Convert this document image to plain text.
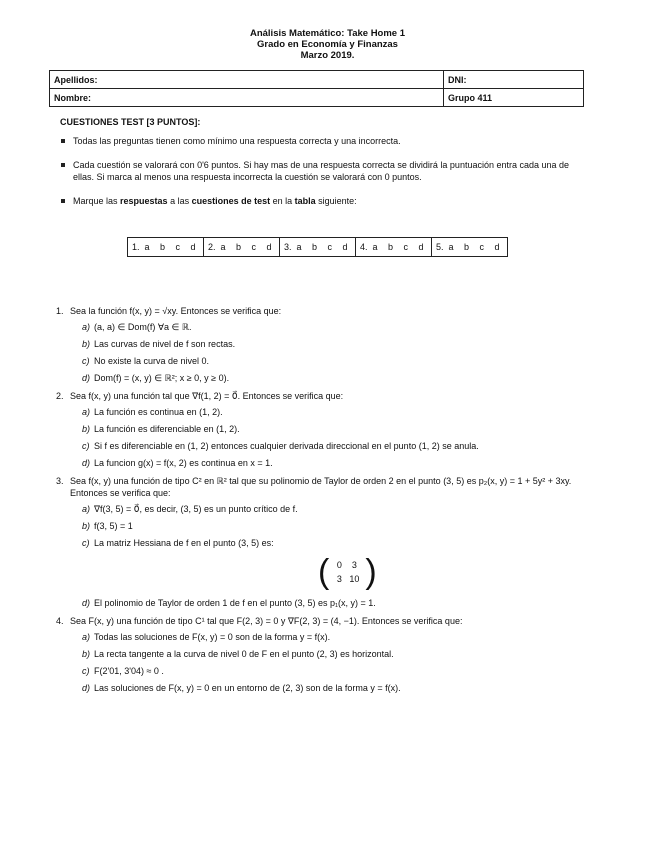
Análisis Matemático: Take Home 1
Grado en Economía y Finanzas
Marzo 2019.
Apellidos:	DNI:
Nombre:	Grupo 411
CUESTIONES TEST [3 PUNTOS]:
Todas las preguntas tienen como mínimo una respuesta correcta y una incorrecta.
Cada cuestión se valorará con 0'6 puntos. Si hay mas de una respuesta correcta se dividirá la puntuación entra cada una de ellas. Si marca al menos una respuesta incorrecta la cuestión se valorará con 0 puntos.
Marque las respuestas a las cuestiones de test en la tabla siguiente:
1. a b c d	2. a b c d	3. a b c d	4. a b c d	5. a b c d
1. Sea la función f(x, y) = √xy. Entonces se verifica que:
a) (a, a) ∈ Dom(f) ∀a ∈ ℝ.
b) Las curvas de nivel de f son rectas.
c) No existe la curva de nivel 0.
d) Dom(f) = (x, y) ∈ ℝ²; x ≥ 0, y ≥ 0).
2. Sea f(x, y) una función tal que ∇f(1, 2) = 0⃗. Entonces se verifica que:
a) La función es continua en (1, 2).
b) La función es diferenciable en (1, 2).
c) Si f es diferenciable en (1, 2) entonces cualquier derivada direccional en el punto (1, 2) se anula.
d) La funcion g(x) = f(x, 2) es continua en x = 1.
3. Sea f(x, y) una función de tipo C² en ℝ² tal que su polinomio de Taylor de orden 2 en el punto (3, 5) es p₂(x, y) = 1 + 5y² + 3xy. Entonces se verifica que:
a) ∇f(3, 5) = 0⃗, es decir, (3, 5) es un punto crítico de f.
b) f(3, 5) = 1
c) La matriz Hessiana de f en el punto (3, 5) es:
( 0	3
3 10 )
d) El polinomio de Taylor de orden 1 de f en el punto (3, 5) es p₁(x, y) = 1.
4. Sea F(x, y) una función de tipo C¹ tal que F(2, 3) = 0 y ∇F(2, 3) = (4, −1). Entonces se verifica que:
a) Todas las soluciones de F(x, y) = 0 son de la forma y = f(x).
b) La recta tangente a la curva de nivel 0 de F en el punto (2, 3) es horizontal.
c) F(2'01, 3'04) ≈ 0 .
d) Las soluciones de F(x, y) = 0 en un entorno de (2, 3) son de la forma y = f(x).
